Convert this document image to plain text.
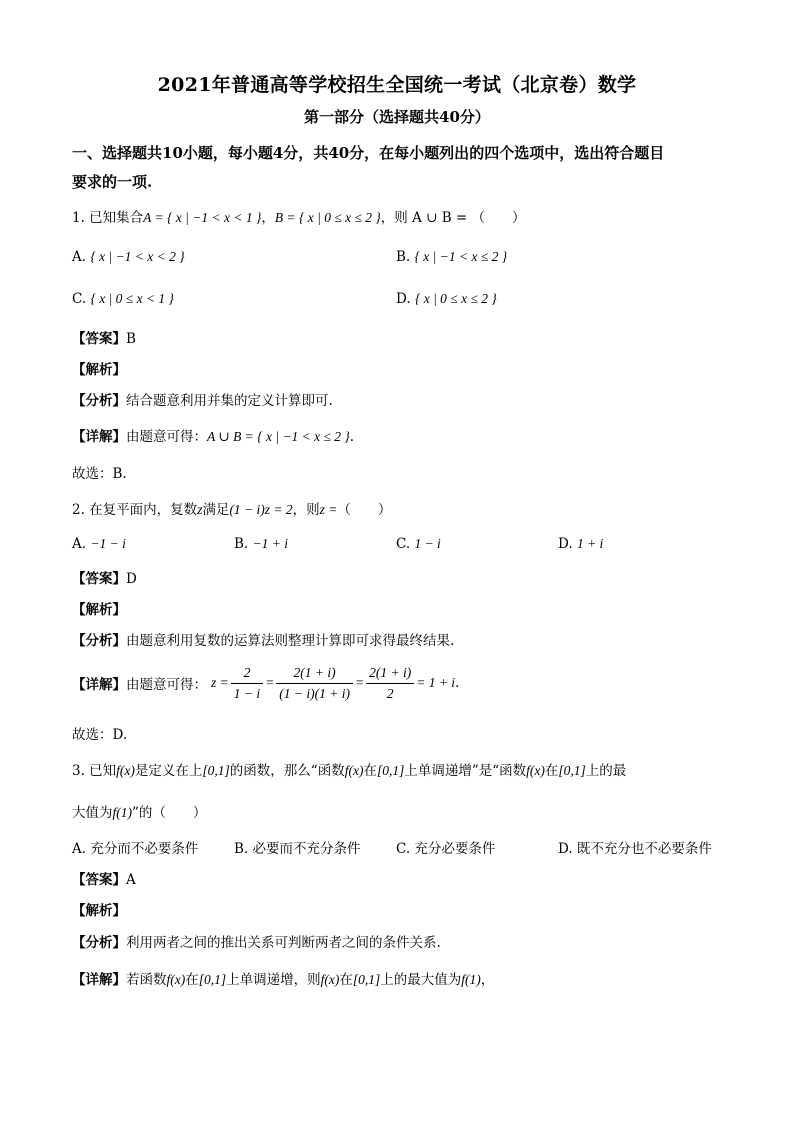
2021年普通高等学校招生全国统一考试（北京卷）数学
第一部分（选择题共40分）
一、选择题共10小题，每小题4分，共40分，在每小题列出的四个选项中，选出符合题目
要求的一项.
1. 已知集合A = { x | −1 < x < 1 }，B = { x | 0 ≤ x ≤ 2 }，则 A ∪ B = （　　）
A. { x | −1 < x < 2 }	B. { x | −1 < x ≤ 2 }
C. { x | 0 ≤ x < 1 }	D. { x | 0 ≤ x ≤ 2 }
【答案】B
【解析】
【分析】结合题意利用并集的定义计算即可.
【详解】由题意可得：A ∪ B = { x | −1 < x ≤ 2 }.
故选：B.
2. 在复平面内，复数z满足(1 − i)z = 2，则z =（　　）
A. −1 − i	B. −1 + i	C. 1 − i	D. 1 + i
【答案】D
【解析】
【分析】由题意利用复数的运算法则整理计算即可求得最终结果.
【详解】 由题意可得： $z = \frac{2}{1 - i} = \frac{2(1 + i)}{(1 - i)(1 + i)} = \frac{2(1 + i)}{2} = 1 + i$ .
故选：D.
3. 已知f(x)是定义在上[0,1]的函数，那么“函数f(x)在[0,1]上单调递增”是“函数f(x)在[0,1]上的最
大值为f(1)”的（　　）
A. 充分而不必要条件	B. 必要而不充分条件	C. 充分必要条件	D. 既不充分也不必要条件
【答案】A
【解析】
【分析】利用两者之间的推出关系可判断两者之间的条件关系.
【详解】若函数f(x)在[0,1]上单调递增，则f(x)在[0,1]上的最大值为f(1)，
